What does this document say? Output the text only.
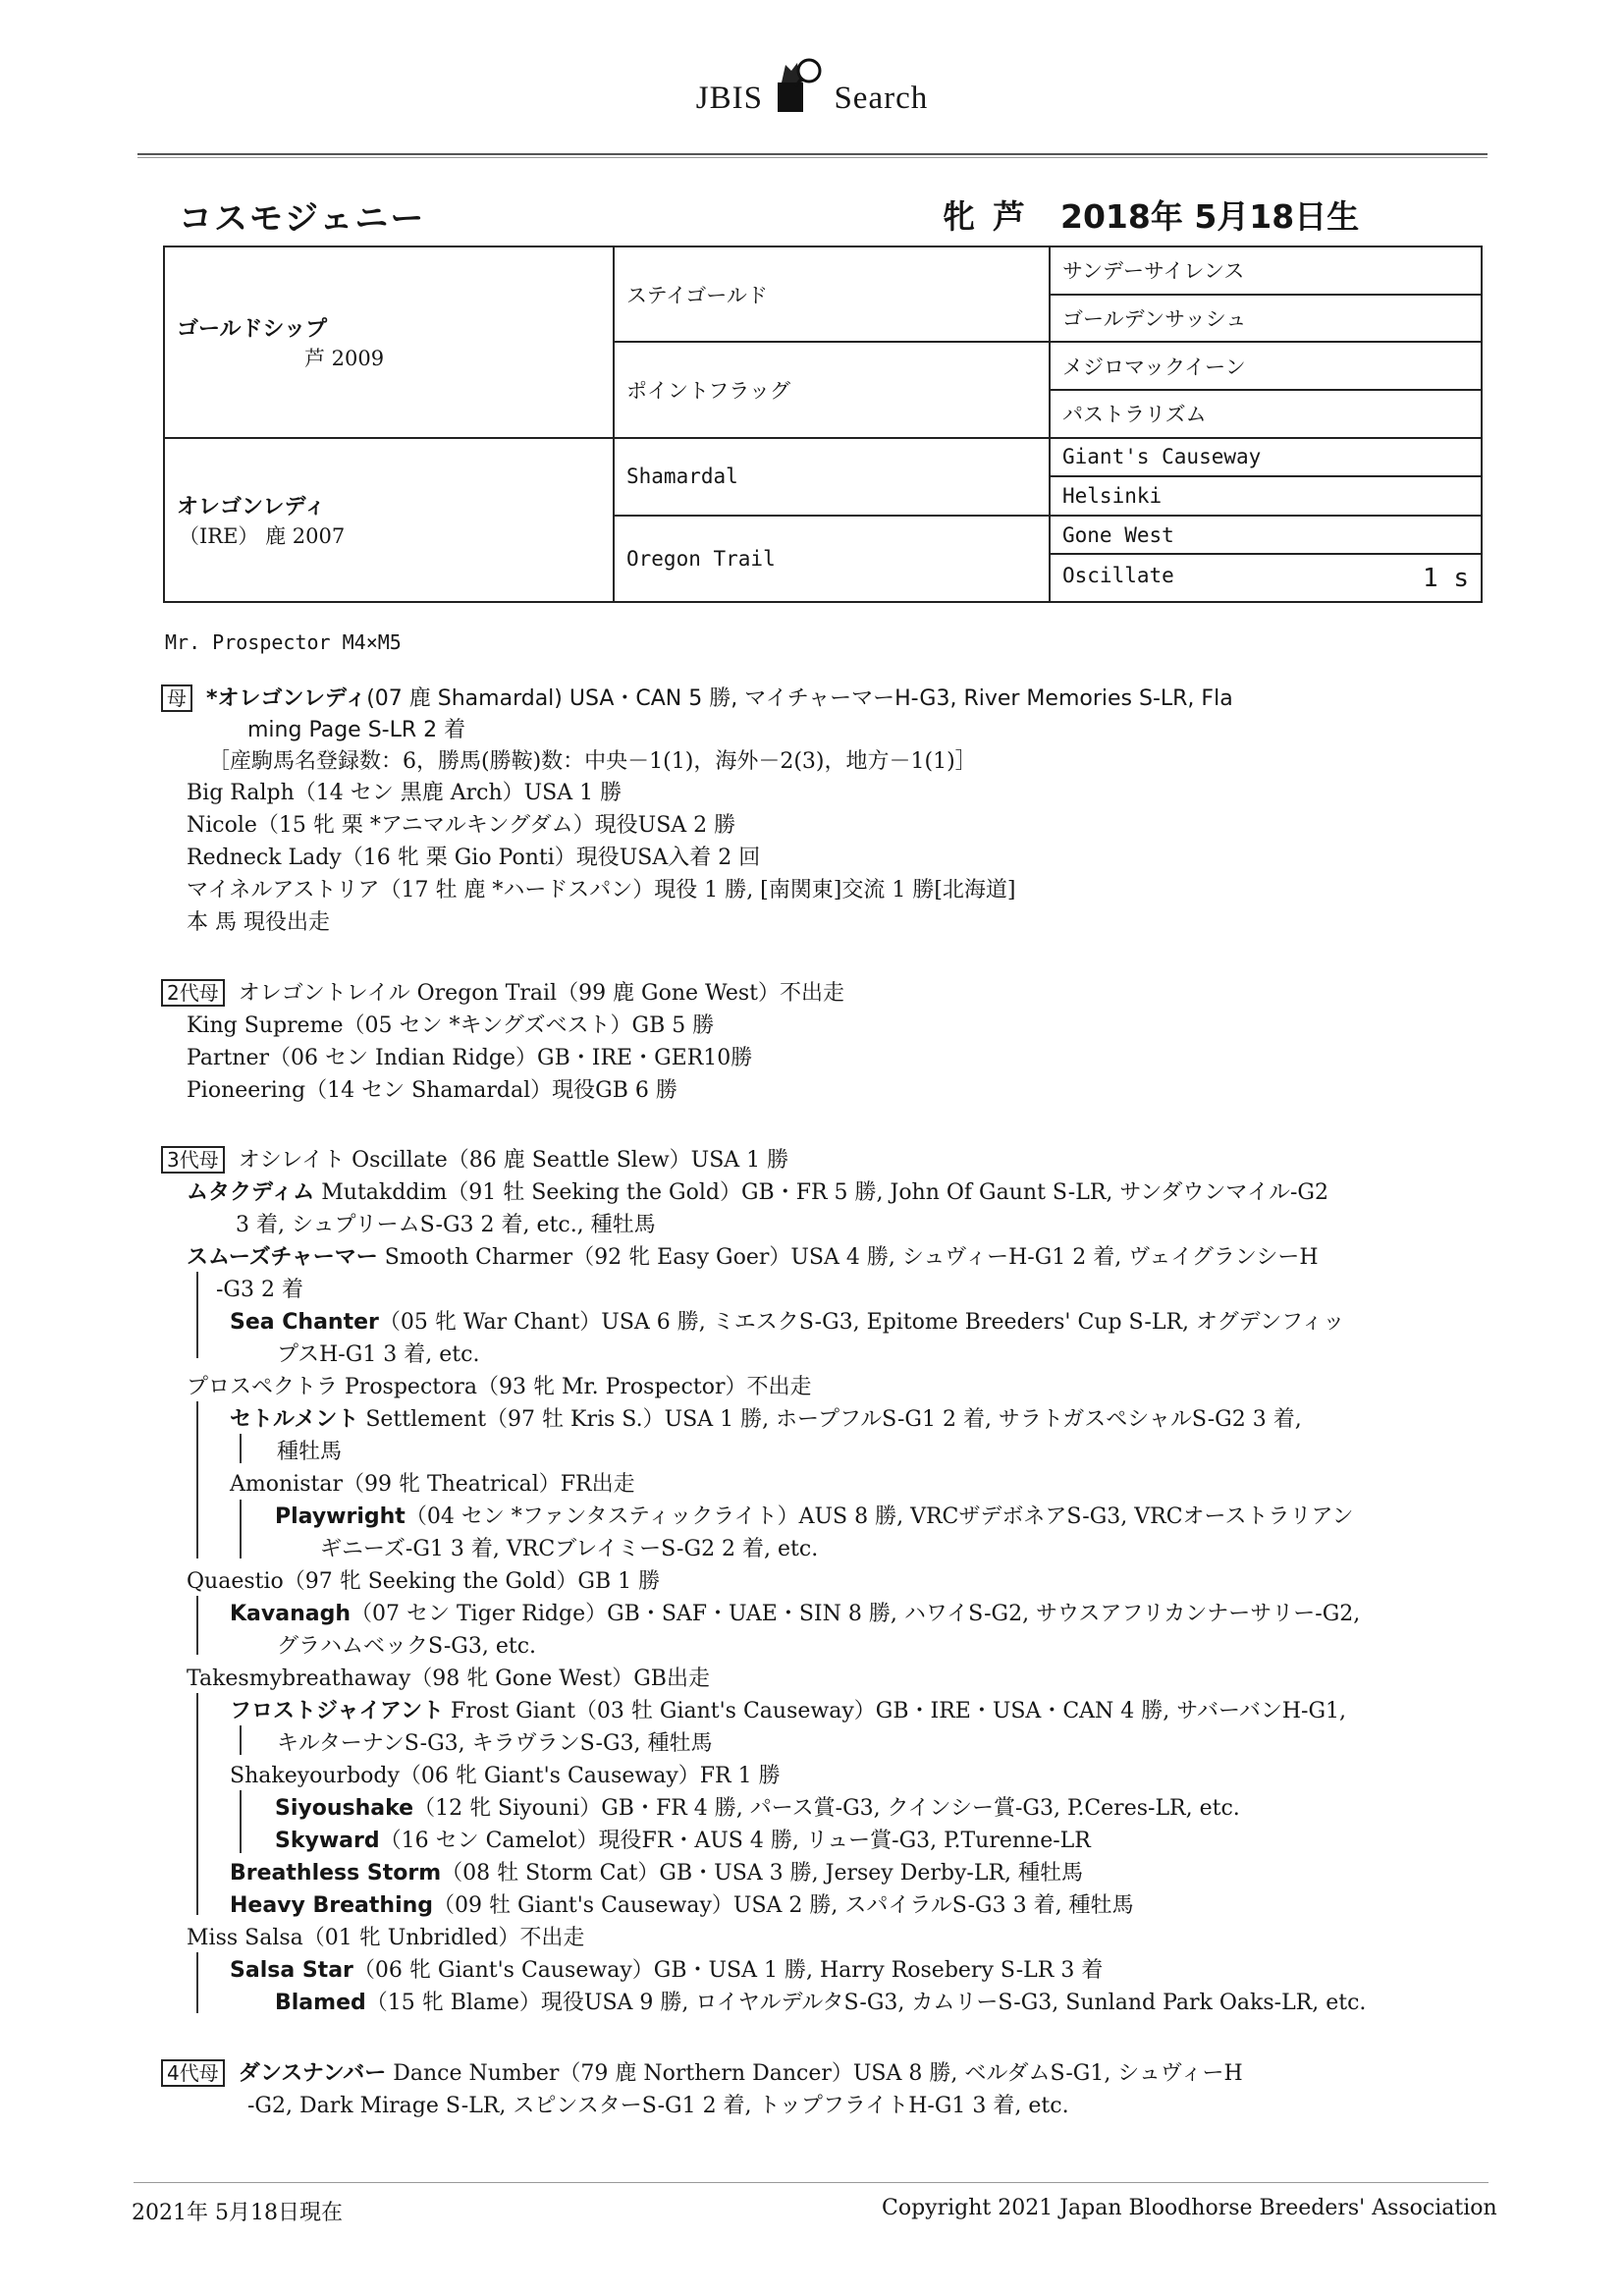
JBIS Search
コスモジェニー	牝 芦 2018年 5月18日生
ゴールドシップ
芦 2009	ステイゴールド	サンデーサイレンス
		ゴールデンサッシュ
	ポイントフラッグ	メジロマックイーン
		パストラリズム

オレゴンレディ
（IRE） 鹿 2007	Shamardal	Giant's Causeway
		Helsinki
	Oregon Trail	Gone West
		Oscillate 1 s
Mr. Prospector M4×M5
母 *オレゴンレディ(07 鹿 Shamardal) USA・CAN 5 勝, マイチャーマーH-G3, River Memories S-LR, Fla
ming Page S-LR 2 着
［産駒馬名登録数：6，勝馬(勝鞍)数：中央－1(1)，海外－2(3)，地方－1(1)］
Big Ralph（14 セン 黒鹿 Arch）USA 1 勝
Nicole（15 牝 栗 *アニマルキングダム）現役USA 2 勝
Redneck Lady（16 牝 栗 Gio Ponti）現役USA入着 2 回
マイネルアストリア（17 牡 鹿 *ハードスパン）現役 1 勝, [南関東]交流 1 勝[北海道]
本 馬 現役出走
2代母 オレゴントレイル Oregon Trail（99 鹿 Gone West）不出走
King Supreme（05 セン *キングズベスト）GB 5 勝
Partner（06 セン Indian Ridge）GB・IRE・GER10勝
Pioneering（14 セン Shamardal）現役GB 6 勝
3代母 オシレイト Oscillate（86 鹿 Seattle Slew）USA 1 勝
ムタクディム Mutakddim（91 牡 Seeking the Gold）GB・FR 5 勝, John Of Gaunt S-LR, サンダウンマイル-G2
3 着, シュプリームS-G3 2 着, etc., 種牡馬
スムーズチャーマー Smooth Charmer（92 牝 Easy Goer）USA 4 勝, シュヴィーH-G1 2 着, ヴェイグランシーH
-G3 2 着
Sea Chanter（05 牝 War Chant）USA 6 勝, ミエスクS-G3, Epitome Breeders' Cup S-LR, オグデンフィッ
プスH-G1 3 着, etc.
プロスペクトラ Prospectora（93 牝 Mr. Prospector）不出走
セトルメント Settlement（97 牡 Kris S.）USA 1 勝, ホープフルS-G1 2 着, サラトガスペシャルS-G2 3 着,
種牡馬
Amonistar（99 牝 Theatrical）FR出走
Playwright（04 セン *ファンタスティックライト）AUS 8 勝, VRCザデボネアS-G3, VRCオーストラリアン
ギニーズ-G1 3 着, VRCブレイミーS-G2 2 着, etc.
Quaestio（97 牝 Seeking the Gold）GB 1 勝
Kavanagh（07 セン Tiger Ridge）GB・SAF・UAE・SIN 8 勝, ハワイS-G2, サウスアフリカンナーサリー-G2,
グラハムベックS-G3, etc.
Takesmybreathaway（98 牝 Gone West）GB出走
フロストジャイアント Frost Giant（03 牡 Giant's Causeway）GB・IRE・USA・CAN 4 勝, サバーバンH-G1,
キルターナンS-G3, キラヴランS-G3, 種牡馬
Shakeyourbody（06 牝 Giant's Causeway）FR 1 勝
Siyoushake（12 牝 Siyouni）GB・FR 4 勝, パース賞-G3, クインシー賞-G3, P.Ceres-LR, etc.
Skyward（16 セン Camelot）現役FR・AUS 4 勝, リュー賞-G3, P.Turenne-LR
Breathless Storm（08 牡 Storm Cat）GB・USA 3 勝, Jersey Derby-LR, 種牡馬
Heavy Breathing（09 牡 Giant's Causeway）USA 2 勝, スパイラルS-G3 3 着, 種牡馬
Miss Salsa（01 牝 Unbridled）不出走
Salsa Star（06 牝 Giant's Causeway）GB・USA 1 勝, Harry Rosebery S-LR 3 着
Blamed（15 牝 Blame）現役USA 9 勝, ロイヤルデルタS-G3, カムリーS-G3, Sunland Park Oaks-LR, etc.
4代母 ダンスナンバー Dance Number（79 鹿 Northern Dancer）USA 8 勝, ベルダムS-G1, シュヴィーH
-G2, Dark Mirage S-LR, スピンスターS-G1 2 着, トップフライトH-G1 3 着, etc.
2021年 5月18日現在	Copyright 2021 Japan Bloodhorse Breeders' Association
